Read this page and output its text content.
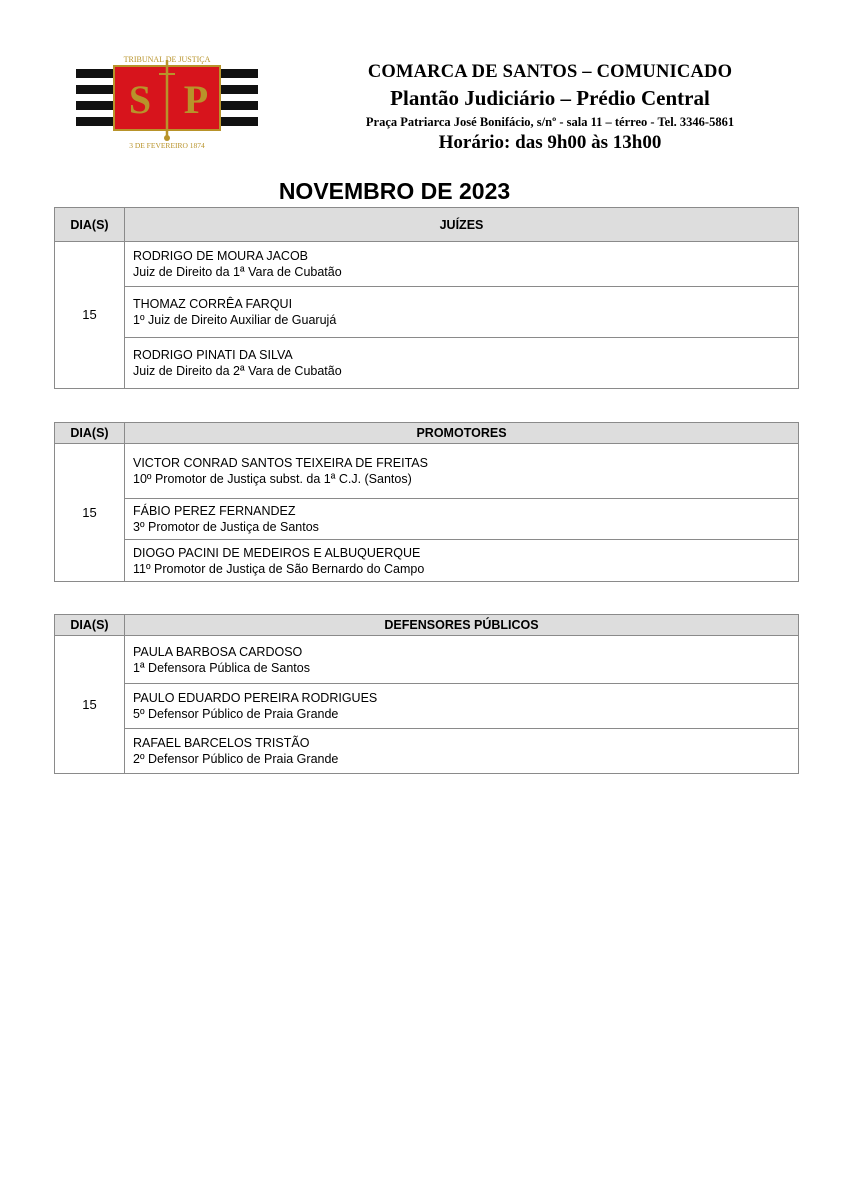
TRIBUNAL DE JUSTIÇA
S P
3 DE FEVEREIRO 1874
COMARCA DE SANTOS – COMUNICADO
Plantão Judiciário – Prédio Central
Praça Patriarca José Bonifácio, s/nº - sala 11 – térreo - Tel. 3346-5861
Horário: das 9h00 às 13h00
NOVEMBRO DE 2023
DIA(S)	JUÍZES
15	RODRIGO DE MOURA JACOB
Juiz de Direito da 1ª Vara de Cubatão

	THOMAZ CORRÊA FARQUI
1º Juiz de Direito Auxiliar de Guarujá

	RODRIGO PINATI DA SILVA
Juiz de Direito da 2ª Vara de Cubatão
DIA(S)	PROMOTORES
15	VICTOR CONRAD SANTOS TEIXEIRA DE FREITAS
10º Promotor de Justiça subst. da 1ª C.J. (Santos)

	FÁBIO PEREZ FERNANDEZ
3º Promotor de Justiça de Santos

	DIOGO PACINI DE MEDEIROS E ALBUQUERQUE
11º Promotor de Justiça de São Bernardo do Campo
DIA(S)	DEFENSORES PÚBLICOS
15	PAULA BARBOSA CARDOSO
1ª Defensora Pública de Santos

	PAULO EDUARDO PEREIRA RODRIGUES
5º Defensor Público de Praia Grande

	RAFAEL BARCELOS TRISTÃO
2º Defensor Público de Praia Grande
